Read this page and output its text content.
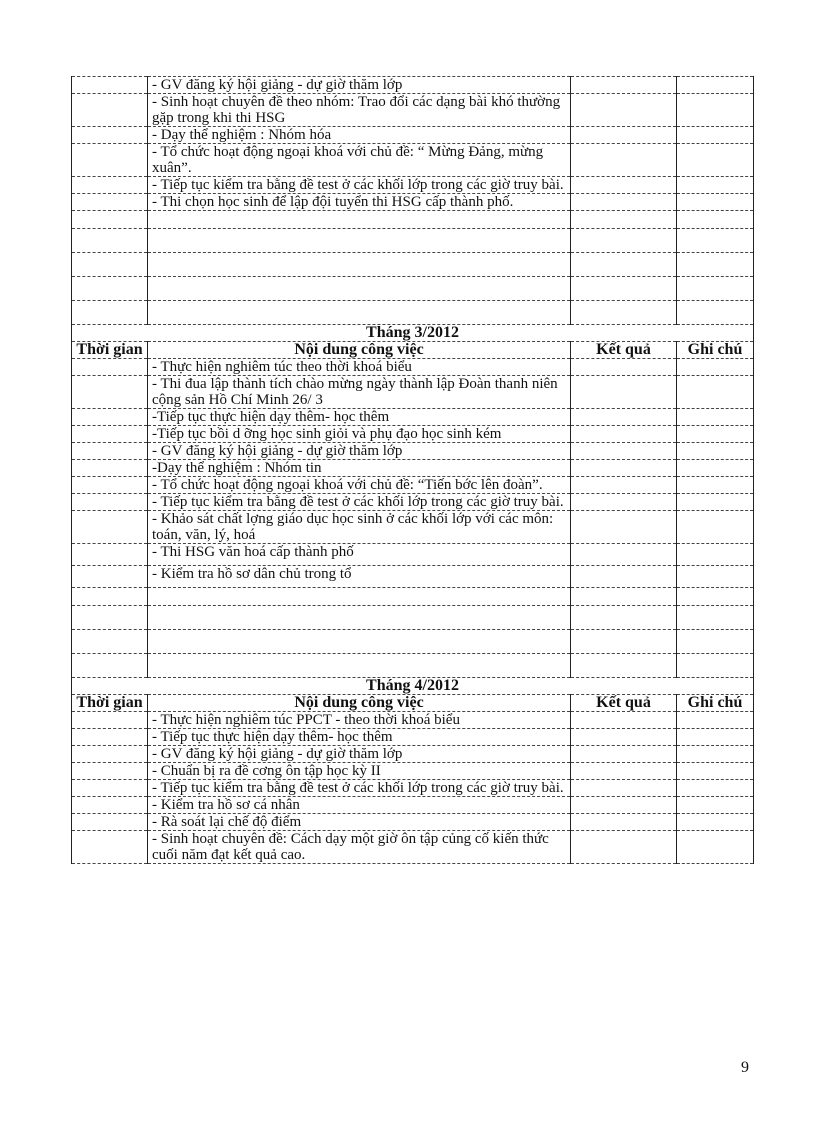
	- GV đăng ký hội giảng - dự giờ thăm lớp		
	- Sinh hoạt chuyên đề theo nhóm: Trao đổi các dạng bài khó thường gặp trong khi thi HSG		
	- Dạy thể nghiệm : Nhóm hóa		
	- Tổ chức hoạt động ngoại khoá với chủ đề: “ Mừng Đảng, mừng xuân”.		
	- Tiếp tục kiểm tra bằng đề test ở các khối lớp trong các giờ truy bài.		
	- Thi chọn học sinh để lập đội tuyển thi HSG cấp thành phố.		

Tháng 3/2012			
Thời gian	Nội dung công việc	Kết quả	Ghi chú
	- Thực hiện nghiêm túc theo thời khoá biểu		
	- Thi đua lập thành tích chào mừng ngày thành lập Đoàn thanh niên cộng sản Hồ Chí Minh 26/ 3		
	-Tiếp tục thực hiện dạy thêm- học thêm		
	-Tiếp tục bồi d ỡng học sinh giỏi và phụ đạo học sinh kém		
	- GV đăng ký hội giảng - dự giờ thăm lớp		
	-Dạy thể nghiệm : Nhóm tin		
	- Tổ chức hoạt động ngoại khoá với chủ đề: “Tiến bớc lên đoàn”.		
	- Tiếp tục kiểm tra bằng đề test ở các khối lớp trong các giờ truy bài.		
	- Khảo sát chất lợng giáo dục học sinh ở các khối lớp với các môn: toán, văn, lý, hoá		
	- Thi HSG văn hoá cấp thành phố		
	- Kiểm tra hồ sơ dân chủ trong tổ		

Tháng 4/2012			
Thời gian	Nội dung công việc	Kết quả	Ghi chú
	- Thực hiện nghiêm túc PPCT - theo thời khoá biểu		
	- Tiếp tục thực hiện dạy thêm- học thêm		
	- GV đăng ký hội giảng - dự giờ thăm lớp		
	- Chuẩn bị ra đề cơng ôn tập học kỳ II		
	- Tiếp tục kiểm tra bằng đề test ở các khối lớp trong các giờ truy bài.		
	- Kiểm tra hồ sơ cá nhân		
	- Rà soát lại chế độ điểm		
	- Sinh hoạt chuyên đề: Cách dạy một giờ ôn tập củng cố kiến thức cuối năm đạt kết quả cao.		
9
